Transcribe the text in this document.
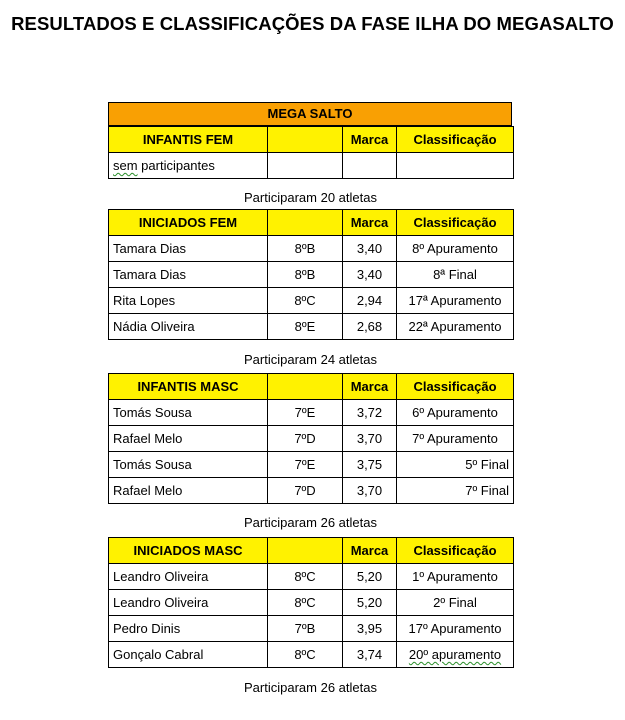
RESULTADOS E CLASSIFICAÇÕES DA FASE ILHA DO MEGASALTO
MEGA SALTO
INFANTIS FEM		Marca	Classificação
sem participantes			
Participaram 20 atletas
INICIADOS FEM		Marca	Classificação
Tamara Dias	8ºB	3,40	8º Apuramento
Tamara Dias	8ºB	3,40	8ª Final
Rita Lopes	8ºC	2,94	17ª Apuramento
Nádia Oliveira	8ºE	2,68	22ª Apuramento
Participaram 24 atletas
INFANTIS MASC		Marca	Classificação
Tomás Sousa	7ºE	3,72	6º Apuramento
Rafael Melo	7ºD	3,70	7º Apuramento
Tomás Sousa	7ºE	3,75	5º Final
Rafael Melo	7ºD	3,70	7º Final
Participaram 26 atletas
INICIADOS MASC		Marca	Classificação
Leandro Oliveira	8ºC	5,20	1º Apuramento
Leandro Oliveira	8ºC	5,20	2º Final
Pedro Dinis	7ºB	3,95	17º Apuramento
Gonçalo Cabral	8ºC	3,74	20º apuramento
Participaram 26 atletas
